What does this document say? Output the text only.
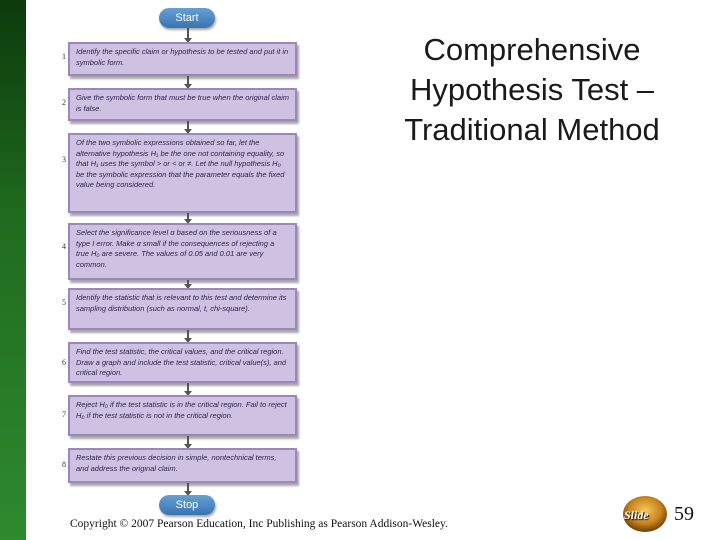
Start
1
Identify the specific claim or hypothesis to be tested and put it in symbolic form.
2
Give the symbolic form that must be true when the original claim is false.
3
Of the two symbolic expressions obtained so far, let the alternative hypothesis H₁ be the one not containing equality, so that H₁ uses the symbol > or < or ≠. Let the null hypothesis H₀ be the symbolic expression that the parameter equals the fixed value being considered.
4
Select the significance level α based on the seriousness of a type I error. Make α small if the consequences of rejecting a true H₀ are severe. The values of 0.05 and 0.01 are very common.
5
Identify the statistic that is relevant to this test and determine its sampling distribution (such as normal, t, chi-square).
6
Find the test statistic, the critical values, and the critical region. Draw a graph and include the test statistic, critical value(s), and critical region.
7
Reject H₀ if the test statistic is in the critical region. Fail to reject H₀ if the test statistic is not in the critical region.
8
Restate this previous decision in simple, nontechnical terms, and address the original claim.
Stop
Comprehensive
Hypothesis Test –
Traditional Method
Copyright © 2007 Pearson Education, Inc Publishing as Pearson Addison-Wesley.
Slide 59
